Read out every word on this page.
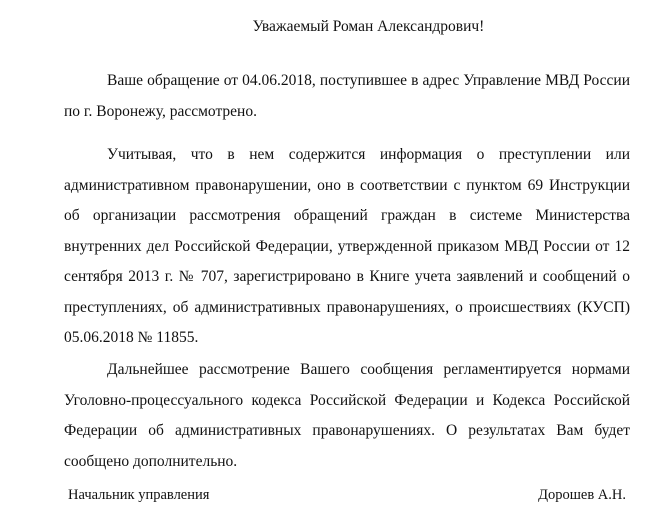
Уважаемый Роман Александрович!

Ваше обращение от 04.06.2018, поступившее в адрес Управление МВД России по г. Воронежу, рассмотрено.

Учитывая, что в нем содержится информация о преступлении или административном правонарушении, оно в соответствии с пунктом 69 Инструкции об организации рассмотрения обращений граждан в системе Министерства внутренних дел Российской Федерации, утвержденной приказом МВД России от 12 сентября 2013 г. № 707, зарегистрировано в Книге учета заявлений и сообщений о преступлениях, об административных правонарушениях, о происшествиях (КУСП) 05.06.2018 № 11855.

Дальнейшее рассмотрение Вашего сообщения регламентируется нормами Уголовно-процессуального кодекса Российской Федерации и Кодекса Российской Федерации об административных правонарушениях. О результатах Вам будет сообщено дополнительно.

Начальник управления	Дорошев А.Н.
